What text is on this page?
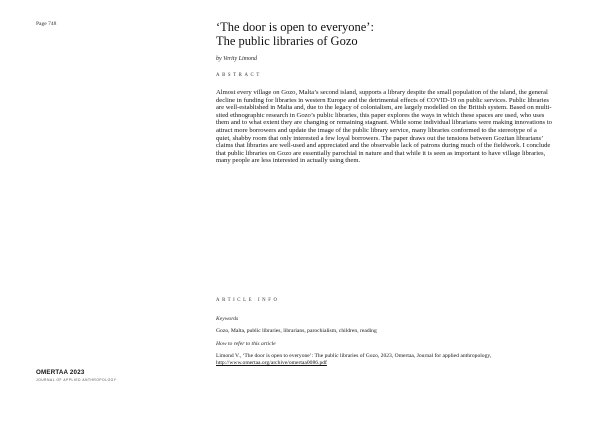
Page 748	‘The door is open to everyone’:
The public libraries of Gozo
by Verity Limond
ABSTRACT
Almost every village on Gozo, Malta’s second island, supports a library despite the small population of the island, the general decline in funding for libraries in western Europe and the detrimental effects of COVID-19 on public services. Public libraries are well-established in Malta and, due to the legacy of colonialism, are largely modelled on the British system. Based on multi-sited ethnographic research in Gozo’s public libraries, this paper explores the ways in which these spaces are used, who uses them and to what extent they are changing or remaining stagnant. While some individual librarians were making innovations to attract more borrowers and update the image of the public library service, many libraries conformed to the stereotype of a quiet, shabby room that only interested a few loyal borrowers. The paper draws out the tensions between Gozitan librarians’ claims that libraries are well-used and appreciated and the observable lack of patrons during much of the fieldwork. I conclude that public libraries on Gozo are essentially parochial in nature and that while it is seen as important to have village libraries, many people are less interested in actually using them.
ARTICLE INFO
Keywords
Gozo, Malta, public libraries, librarians, parochialism, children, reading
How to refer to this article
Limond V., ‘The door is open to everyone’: The public libraries of Gozo, 2023, Omertaa, Journal for applied anthropology, http://www.omertaa.org/archive/omertaa0086.pdf
OMERTAA 2023
JOURNAL OF APPLIED ANTHROPOLOGY
